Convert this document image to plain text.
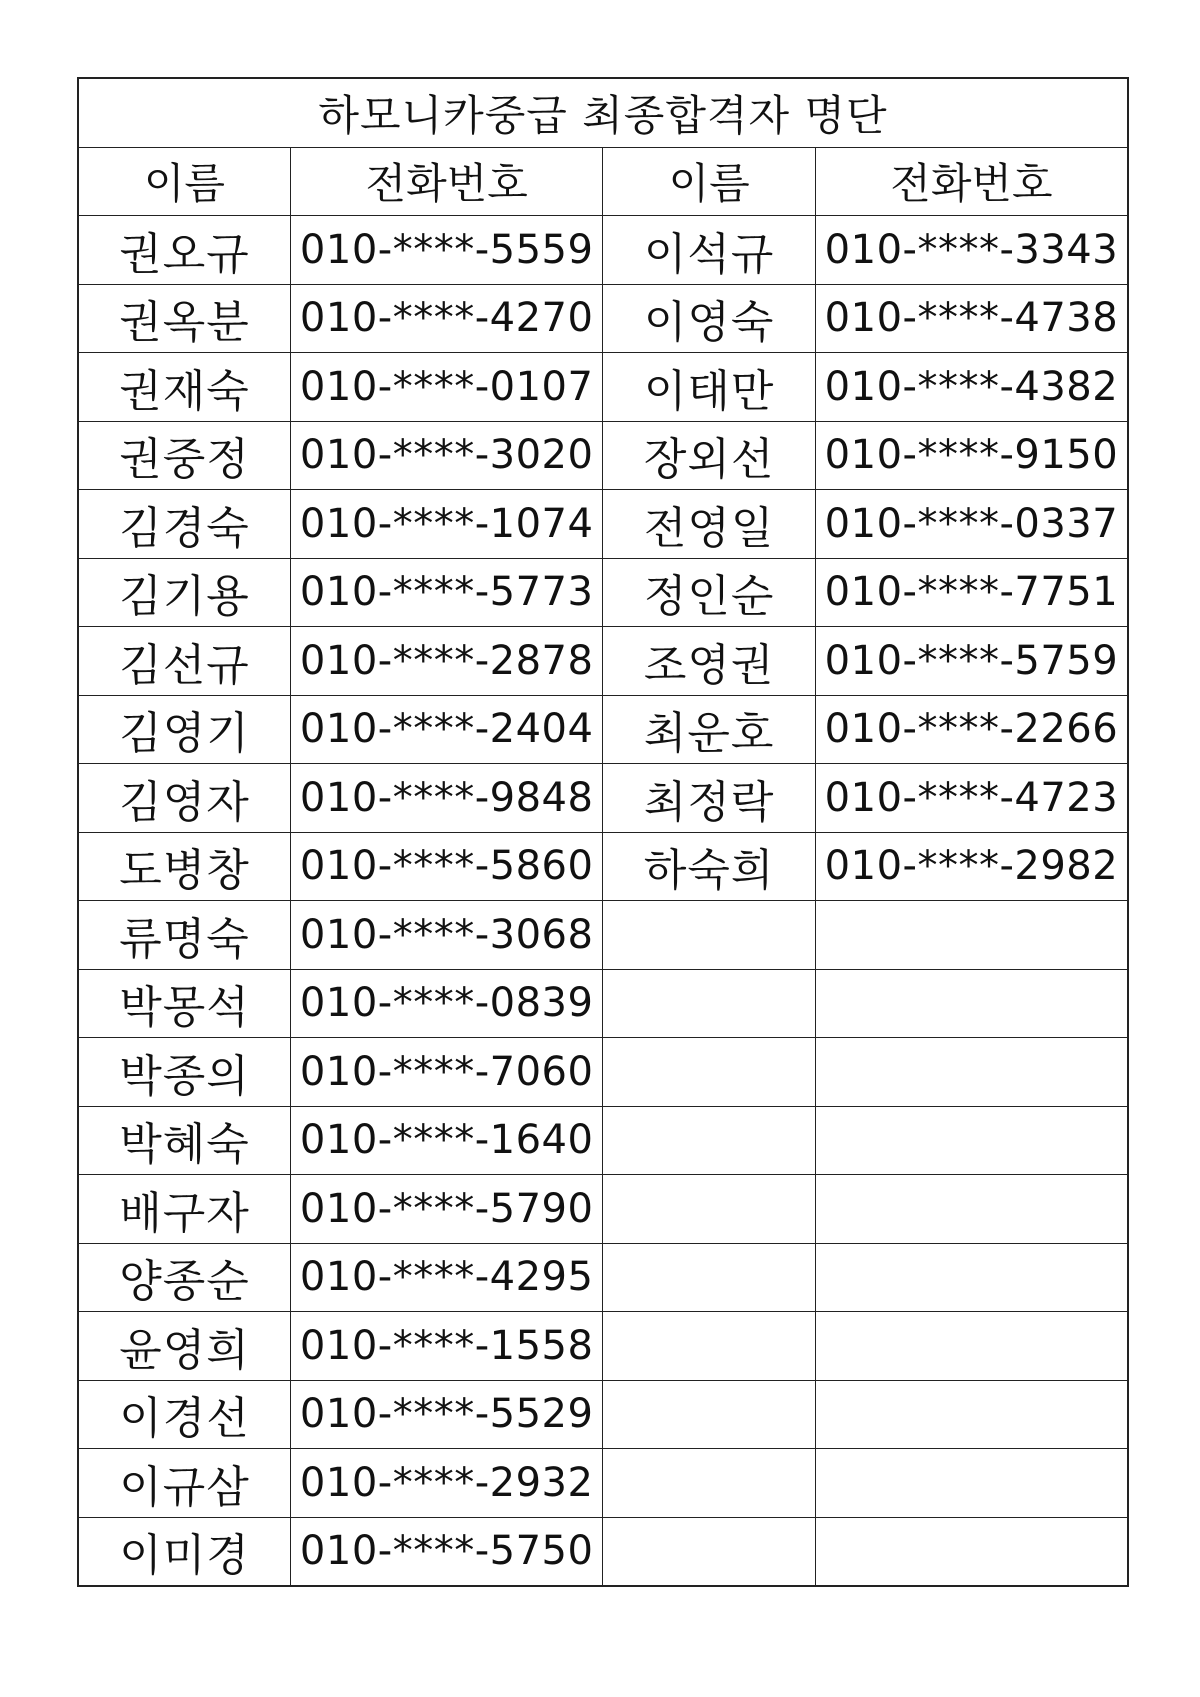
하모니카중급 최종합격자 명단			
이름	전화번호	이름	전화번호
권오규	010-****-5559	이석규	010-****-3343
권옥분	010-****-4270	이영숙	010-****-4738
권재숙	010-****-0107	이태만	010-****-4382
권중정	010-****-3020	장외선	010-****-9150
김경숙	010-****-1074	전영일	010-****-0337
김기용	010-****-5773	정인순	010-****-7751
김선규	010-****-2878	조영권	010-****-5759
김영기	010-****-2404	최운호	010-****-2266
김영자	010-****-9848	최정락	010-****-4723
도병창	010-****-5860	하숙희	010-****-2982
류명숙	010-****-3068		
박몽석	010-****-0839		
박종의	010-****-7060		
박혜숙	010-****-1640		
배구자	010-****-5790		
양종순	010-****-4295		
윤영희	010-****-1558		
이경선	010-****-5529		
이규삼	010-****-2932		
이미경	010-****-5750		
